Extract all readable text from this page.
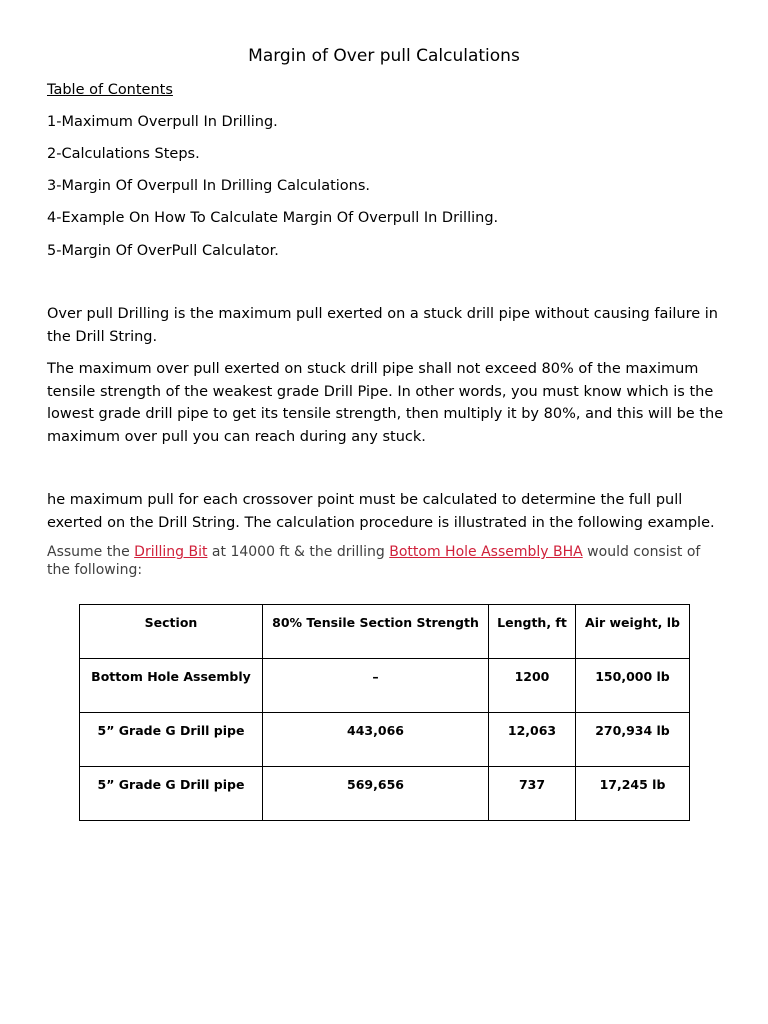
Margin of Over pull Calculations
Table of Contents
1-Maximum Overpull In Drilling.
2-Calculations Steps.
3-Margin Of Overpull In Drilling Calculations.
4-Example On How To Calculate Margin Of Overpull In Drilling.
5-Margin Of OverPull Calculator.
Over pull Drilling is the maximum pull exerted on a stuck drill pipe without causing failure in the Drill String.
The maximum over pull exerted on stuck drill pipe shall not exceed 80% of the maximum tensile strength of the weakest grade Drill Pipe. In other words, you must know which is the lowest grade drill pipe to get its tensile strength, then multiply it by 80%, and this will be the maximum over pull you can reach during any stuck.
he maximum pull for each crossover point must be calculated to determine the full pull exerted on the Drill String. The calculation procedure is illustrated in the following example.
Assume the Drilling Bit at 14000 ft & the drilling Bottom Hole Assembly BHA would consist of the following:
Section	80% Tensile Section Strength	Length, ft	Air weight, lb
Bottom Hole Assembly	–	1200	150,000 lb
5” Grade G Drill pipe	443,066	12,063	270,934 lb
5” Grade G Drill pipe	569,656	737	17,245 lb
